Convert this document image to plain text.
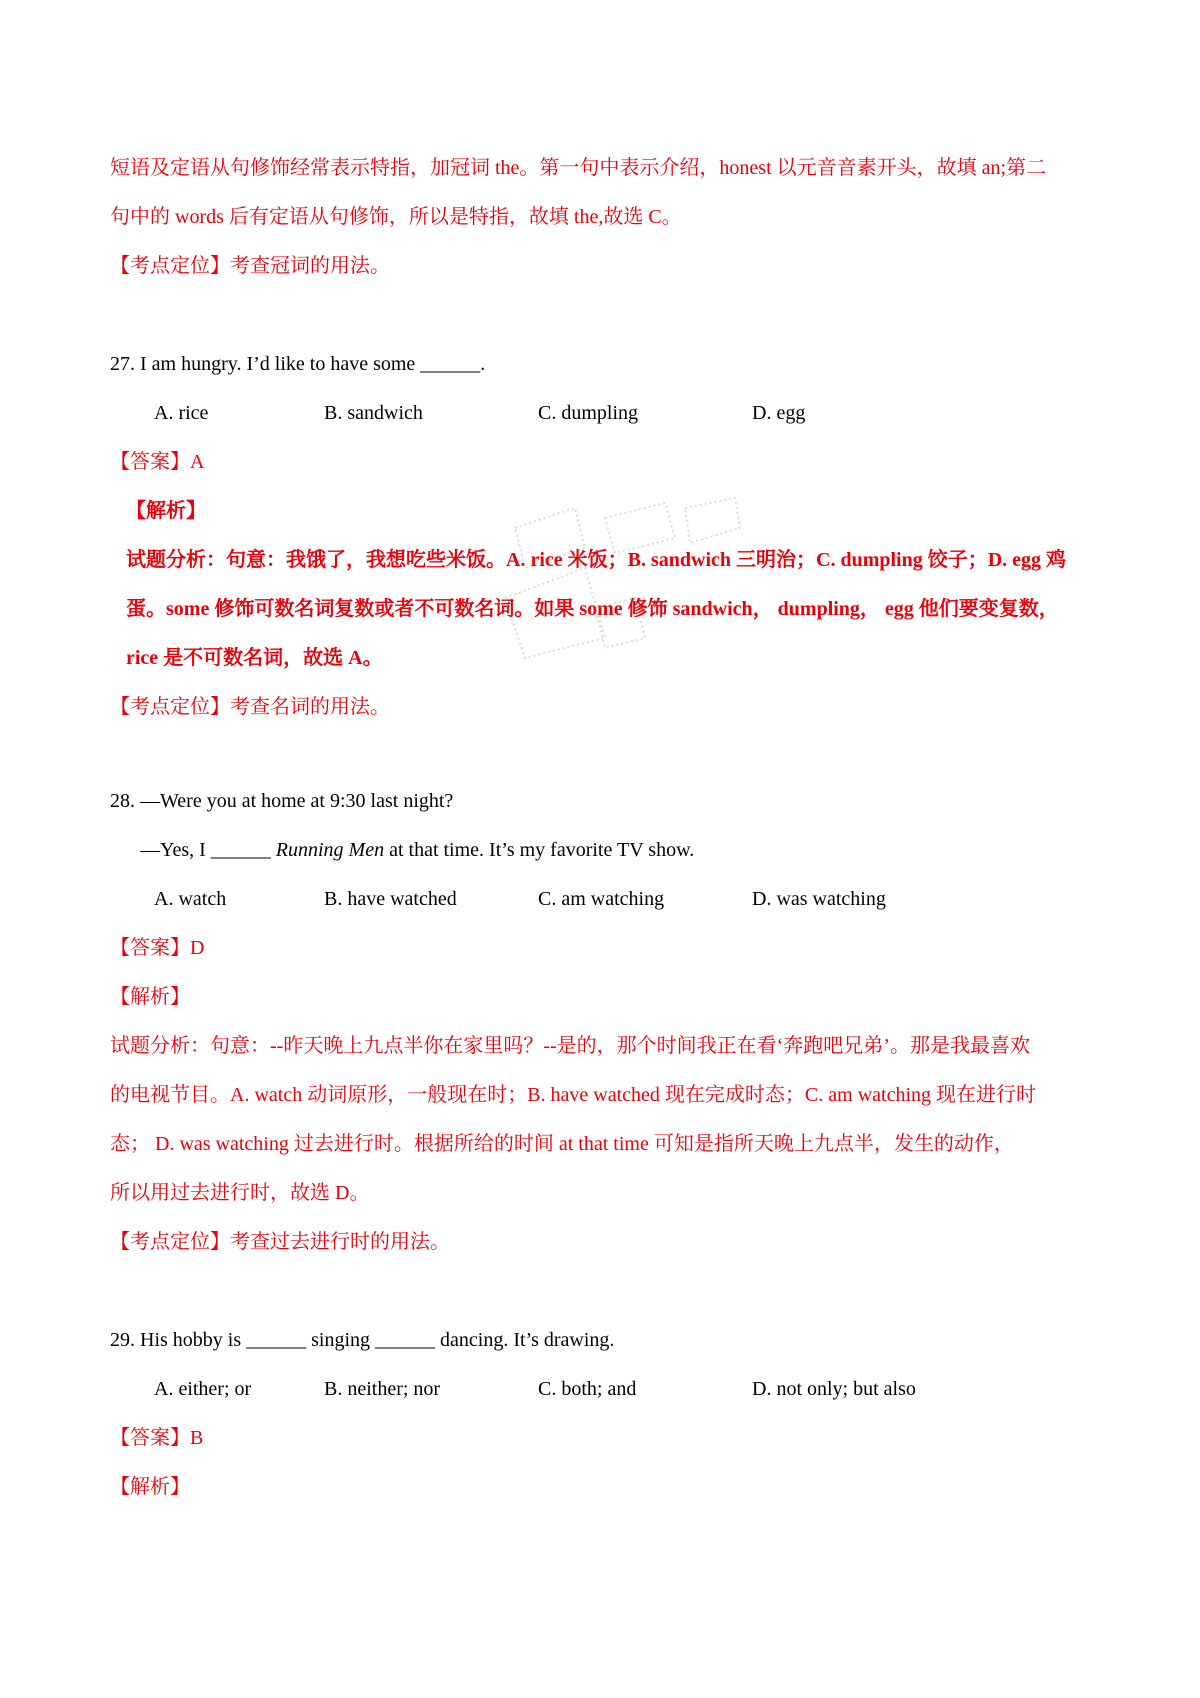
短语及定语从句修饰经常表示特指，加冠词 the。第一句中表示介绍，honest 以元音音素开头，故填 an;第二
句中的 words 后有定语从句修饰，所以是特指，故填 the,故选 C。
【考点定位】考查冠词的用法。
27. I am hungry. I’d like to have some ______.
A. rice	B. sandwich	C. dumpling	D. egg
【答案】A
【解析】
试题分析：句意：我饿了，我想吃些米饭。A. rice 米饭；B. sandwich 三明治；C. dumpling 饺子；D. egg 鸡
蛋。some 修饰可数名词复数或者不可数名词。如果 some 修饰 sandwich， dumpling， egg 他们要变复数，
rice 是不可数名词，故选 A。
【考点定位】考查名词的用法。
28. —Were you at home at 9:30 last night?
—Yes, I ______ Running Men at that time. It’s my favorite TV show.
A. watch	B. have watched	C. am watching	D. was watching
【答案】D
【解析】
试题分析：句意：--昨天晚上九点半你在家里吗？--是的，那个时间我正在看‘奔跑吧兄弟’。那是我最喜欢
的电视节目。A. watch 动词原形，一般现在时；B. have watched 现在完成时态；C. am watching 现在进行时
态； D. was watching 过去进行时。根据所给的时间 at that time 可知是指所天晚上九点半，发生的动作，
所以用过去进行时，故选 D。
【考点定位】考查过去进行时的用法。
29. His hobby is ______ singing ______ dancing. It’s drawing.
A. either; or	B. neither; nor	C. both; and	D. not only; but also
【答案】B
【解析】
